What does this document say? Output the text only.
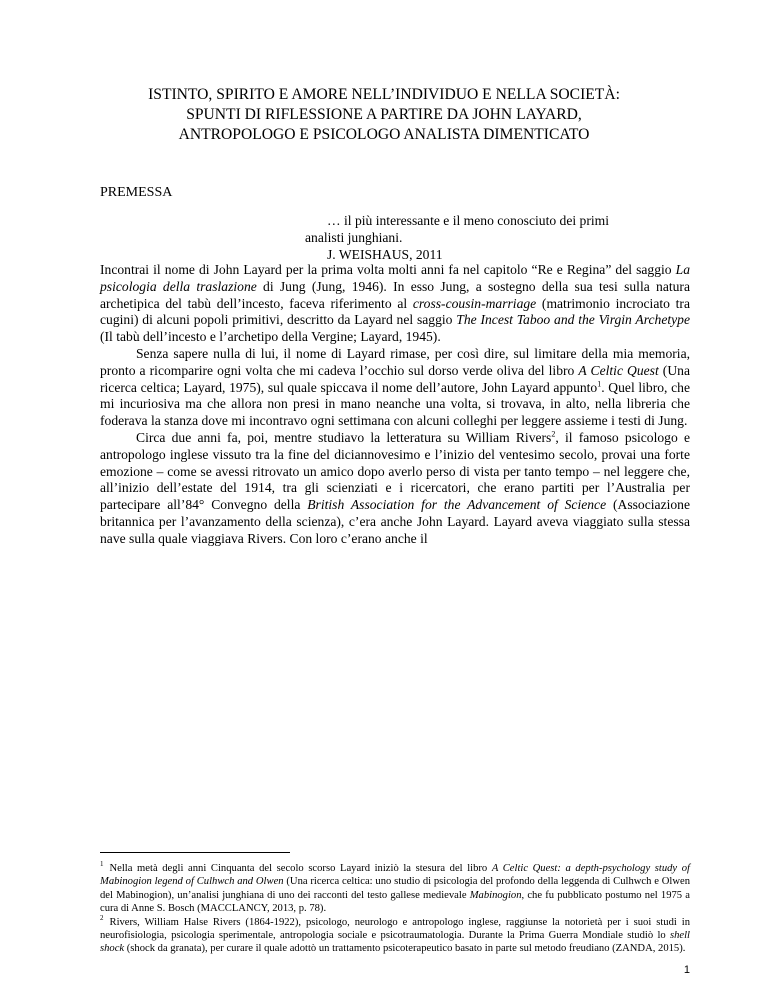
ISTINTO, SPIRITO E AMORE NELL’INDIVIDUO E NELLA SOCIETÀ:
SPUNTI DI RIFLESSIONE A PARTIRE DA JOHN LAYARD,
ANTROPOLOGO E PSICOLOGO ANALISTA DIMENTICATO
PREMESSA
… il più interessante e il meno conosciuto dei primi
analisti junghiani.
J. WEISHAUS, 2011

Incontrai il nome di John Layard per la prima volta molti anni fa nel capitolo “Re e Regina” del saggio La psicologia della traslazione di Jung (Jung, 1946). In esso Jung, a sostegno della sua tesi sulla natura archetipica del tabù dell’incesto, faceva riferimento al cross-cousin-marriage (matrimonio incrociato tra cugini) di alcuni popoli primitivi, descritto da Layard nel saggio The Incest Taboo and the Virgin Archetype (Il tabù dell’incesto e l’archetipo della Vergine; Layard, 1945).

Senza sapere nulla di lui, il nome di Layard rimase, per così dire, sul limitare della mia memoria, pronto a ricomparire ogni volta che mi cadeva l’occhio sul dorso verde oliva del libro A Celtic Quest (Una ricerca celtica; Layard, 1975), sul quale spiccava il nome dell’autore, John Layard appunto$^1$. Quel libro, che mi incuriosiva ma che allora non presi in mano neanche una volta, si trovava, in alto, nella libreria che foderava la stanza dove mi incontravo ogni settimana con alcuni colleghi per leggere assieme i testi di Jung.

Circa due anni fa, poi, mentre studiavo la letteratura su William Rivers$^2$, il famoso psicologo e antropologo inglese vissuto tra la fine del diciannovesimo e l’inizio del ventesimo secolo, provai una forte emozione – come se avessi ritrovato un amico dopo averlo perso di vista per tanto tempo – nel leggere che, all’inizio dell’estate del 1914, tra gli scienziati e i ricercatori, che erano partiti per l’Australia per partecipare all’84° Convegno della British Association for the Advancement of Science (Associazione britannica per l’avanzamento della scienza), c’era anche John Layard. Layard aveva viaggiato sulla stessa nave sulla quale viaggiava Rivers. Con loro c’erano anche il

$^1$ Nella metà degli anni Cinquanta del secolo scorso Layard iniziò la stesura del libro A Celtic Quest: a depth-psychology study of Mabinogion legend of Culhwch and Olwen (Una ricerca celtica: uno studio di psicologia del profondo della leggenda di Culhwch e Olwen del Mabinogion), un’analisi junghiana di uno dei racconti del testo gallese medievale Mabinogion, che fu pubblicato postumo nel 1975 a cura di Anne S. Bosch (MACCLANCY, 2013, p. 78).

$^2$ Rivers, William Halse Rivers (1864-1922), psicologo, neurologo e antropologo inglese, raggiunse la notorietà per i suoi studi in neurofisiologia, psicologia sperimentale, antropologia sociale e psicotraumatologia. Durante la Prima Guerra Mondiale studiò lo shell shock (shock da granata), per curare il quale adottò un trattamento psicoterapeutico basato in parte sul metodo freudiano (ZANDA, 2015).

1
